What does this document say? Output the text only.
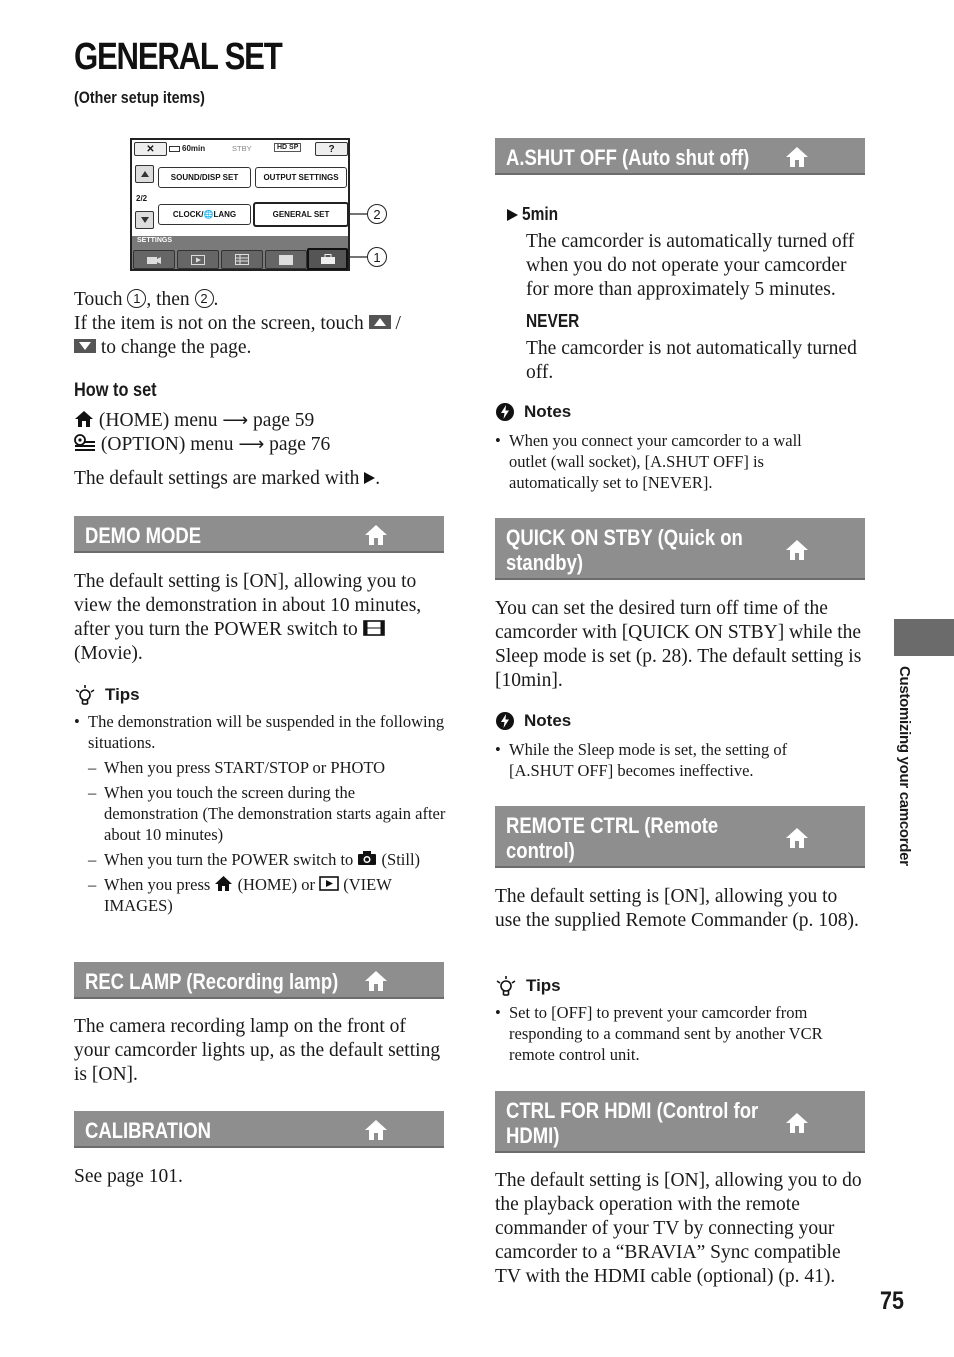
GENERAL SET
(Other setup items)
✕	60min	STBY	HD SP	?
2/2
SOUND/DISP SET	OUTPUT SETTINGS
CLOCK/🌐LANG	GENERAL SET
SETTINGS
2
1
Touch 1 , then 2 .
If the item is not on the screen, touch /
to change the page.
How to set
(HOME) menu ⟶ page 59
(OPTION) menu ⟶ page 76
The default settings are marked with .
DEMO MODE
The default setting is [ON], allowing you to view the demonstration in about 10 minutes, after you turn the POWER switch to  (Movie).
Tips
• The demonstration will be suspended in the following situations.
– When you press START/STOP or PHOTO
– When you touch the screen during the demonstration (The demonstration starts again after about 10 minutes)
– When you turn the POWER switch to (Still)
– When you press (HOME) or (VIEW IMAGES)
REC LAMP (Recording lamp)
The camera recording lamp on the front of your camcorder lights up, as the default setting is [ON].
CALIBRATION
See page 101.
A.SHUT OFF (Auto shut off)
5min
The camcorder is automatically turned off when you do not operate your camcorder for more than approximately 5 minutes.
NEVER
The camcorder is not automatically turned off.
Notes
• When you connect your camcorder to a wall outlet (wall socket), [A.SHUT OFF] is automatically set to [NEVER].
QUICK ON STBY (Quick on
standby)
You can set the desired turn off time of the camcorder with [QUICK ON STBY] while the Sleep mode is set (p. 28). The default setting is [10min].
Notes
• While the Sleep mode is set, the setting of [A.SHUT OFF] becomes ineffective.
REMOTE CTRL (Remote
control)
The default setting is [ON], allowing you to use the supplied Remote Commander (p. 108).
Tips
• Set to [OFF] to prevent your camcorder from responding to a command sent by another VCR remote control unit.
CTRL FOR HDMI (Control for
HDMI)
The default setting is [ON], allowing you to do the playback operation with the remote commander of your TV by connecting your camcorder to a “BRAVIA” Sync compatible TV with the HDMI cable (optional) (p. 41).
Customizing your camcorder
75
